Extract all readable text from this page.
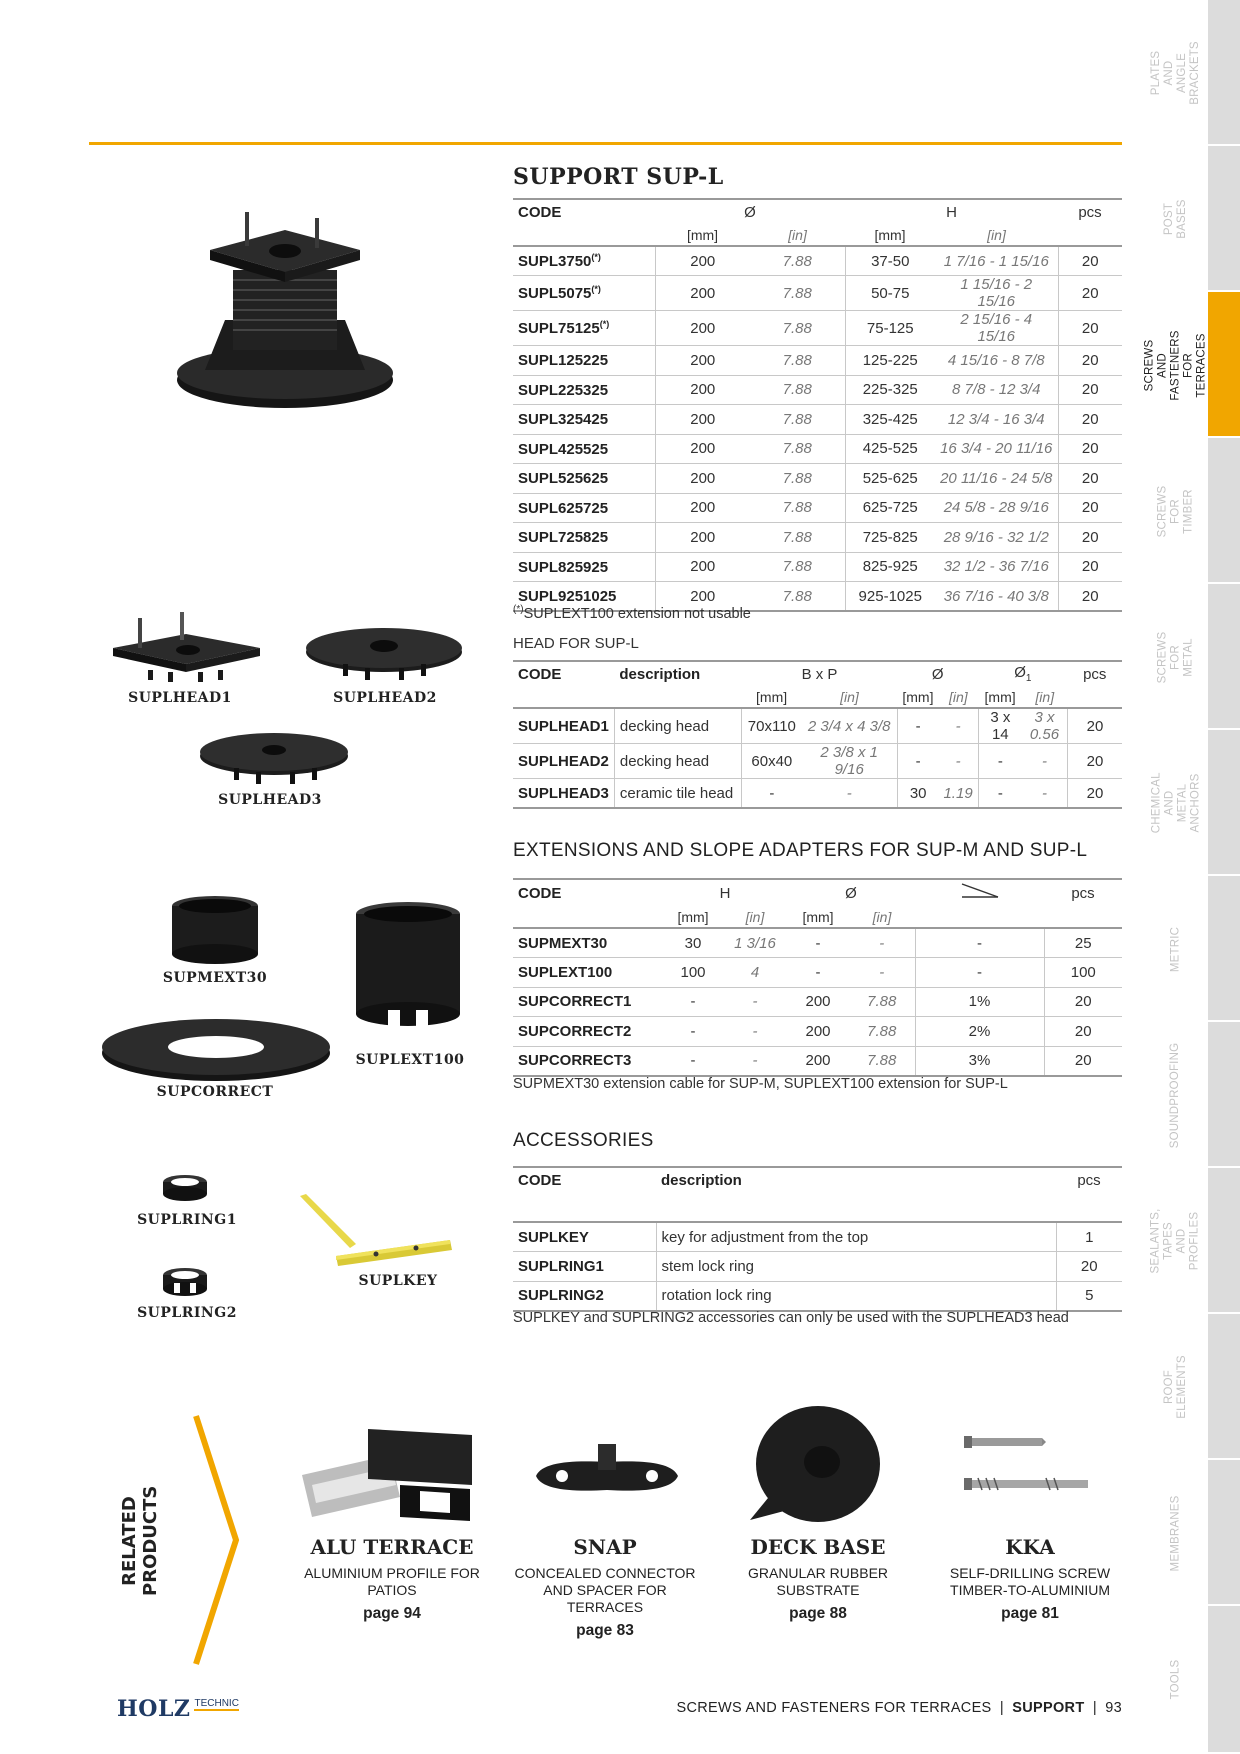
PLATES AND ANGLE BRACKETS
POST BASES
SCREWS AND FASTENERS FOR TERRACES
SCREWS FOR TIMBER
SCREWS FOR METAL
CHEMICAL AND METAL ANCHORS
METRIC
SOUNDPROOFING
SEALANTS, TAPES AND PROFILES
ROOF ELEMENTS
MEMBRANES
TOOLS
SUPLHEAD1	SUPLHEAD2
SUPLHEAD3
SUPMEXT30
SUPLEXT100
SUPCORRECT
SUPLRING1
SUPLRING2
SUPLKEY
SUPPORT SUP-L
CODE	Ø		H		pcs
	[mm]	[in]	[mm]	[in]	
SUPL3750(*)	200	7.88	37-50	1 7/16 - 1 15/16	20
SUPL5075(*)	200	7.88	50-75	1 15/16 - 2 15/16	20
SUPL75125(*)	200	7.88	75-125	2 15/16 - 4 15/16	20
SUPL125225	200	7.88	125-225	4 15/16 - 8 7/8	20
SUPL225325	200	7.88	225-325	8 7/8 - 12 3/4	20
SUPL325425	200	7.88	325-425	12 3/4 - 16 3/4	20
SUPL425525	200	7.88	425-525	16 3/4 - 20 11/16	20
SUPL525625	200	7.88	525-625	20 11/16 - 24 5/8	20
SUPL625725	200	7.88	625-725	24 5/8 - 28 9/16	20
SUPL725825	200	7.88	725-825	28 9/16 - 32 1/2	20
SUPL825925	200	7.88	825-925	32 1/2 - 36 7/16	20
SUPL9251025	200	7.88	925-1025	36 7/16 - 40 3/8	20
(*)SUPLEXT100 extension not usable
HEAD FOR SUP-L
CODE	description	B x P		Ø		$Ø_1$		pcs
		[mm]	[in]	[mm]	[in]	[mm]	[in]	
SUPLHEAD1	decking head	70x110	2 3/4 x 4 3/8	-	-	3 x 14	3 x 0.56	20
SUPLHEAD2	decking head	60x40	2 3/8 x 1 9/16	-	-	-	-	20
SUPLHEAD3	ceramic tile head	-	-	30	1.19	-	-	20
EXTENSIONS AND SLOPE ADAPTERS FOR SUP-M AND SUP-L
CODE	H		Ø			pcs
	[mm]	[in]	[mm]	[in]		
SUPMEXT30	30	1 3/16	-	-	-	25
SUPLEXT100	100	4	-	-	-	100
SUPCORRECT1	-	-	200	7.88	1%	20
SUPCORRECT2	-	-	200	7.88	2%	20
SUPCORRECT3	-	-	200	7.88	3%	20
SUPMEXT30 extension cable for SUP-M, SUPLEXT100 extension for SUP-L
ACCESSORIES
CODE	description	pcs

SUPLKEY	key for adjustment from the top	1
SUPLRING1	stem lock ring	20
SUPLRING2	rotation lock ring	5
SUPLKEY and SUPLRING2 accessories can only be used with the SUPLHEAD3 head
RELATED PRODUCTS	ALU TERRACE
ALUMINIUM PROFILE FOR PATIOS
page 94
SNAP
CONCEALED CONNECTOR AND SPACER FOR TERRACES
page 83
DECK BASE
GRANULAR RUBBER SUBSTRATE
page 88
KKA
SELF-DRILLING SCREW TIMBER-TO-ALUMINIUM
page 81
HOLZ TECHNIC	SCREWS AND FASTENERS FOR TERRACES | SUPPORT | 93
